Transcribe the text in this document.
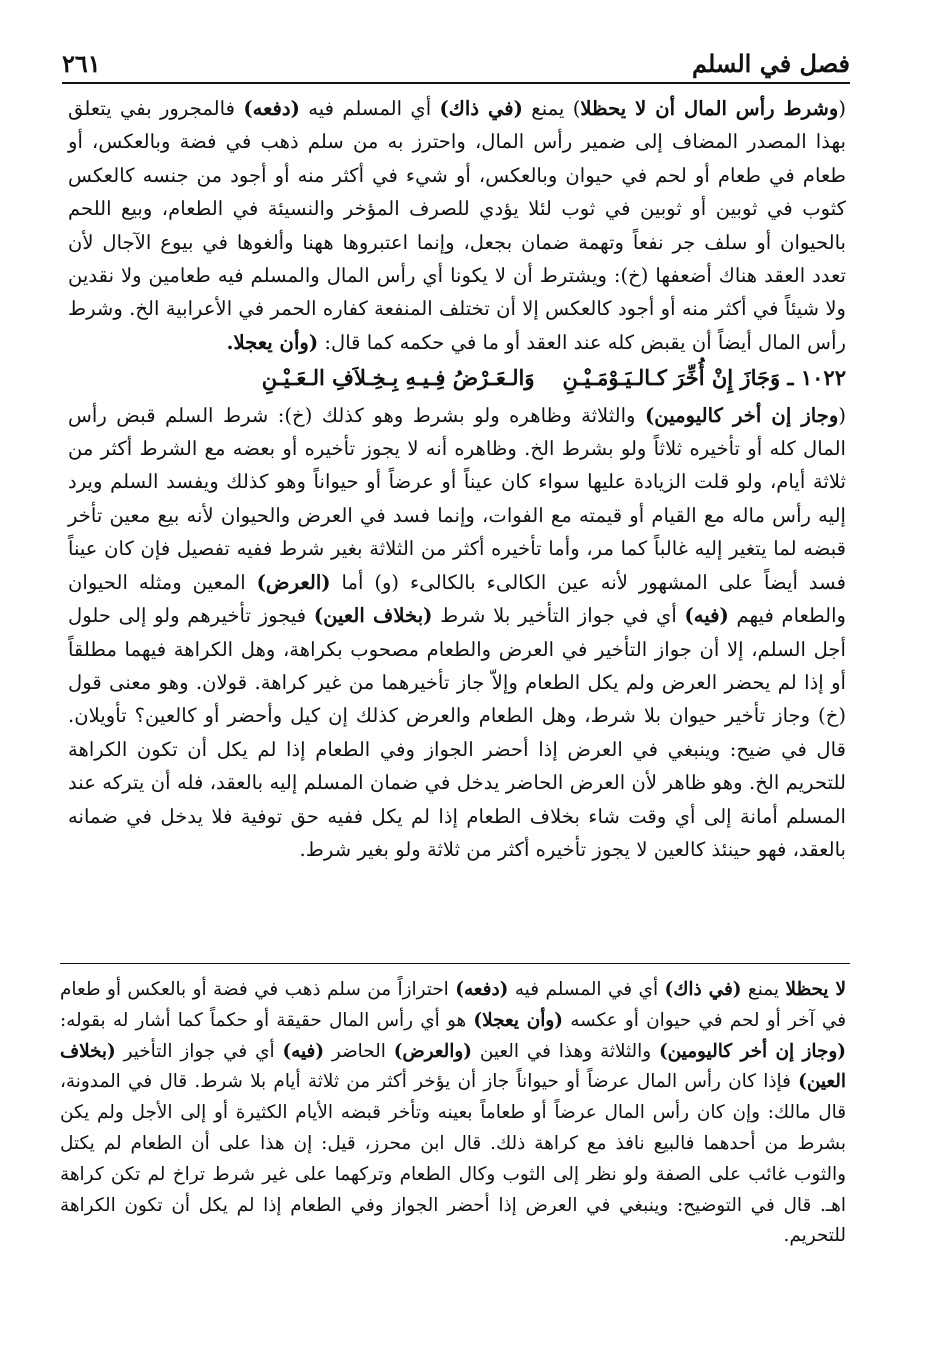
فصل في السلم
٢٦١

(وشرط رأس المال أن لا يحظلا) يمنع (في ذاك) أي المسلم فيه (دفعه) فالمجرور بفي يتعلق بهذا المصدر المضاف إلى ضمير رأس المال، واحترز به من سلم ذهب في فضة وبالعكس، أو طعام في طعام أو لحم في حيوان وبالعكس، أو شيء في أكثر منه أو أجود من جنسه كالعكس كثوب في ثوبين أو ثوبين في ثوب لئلا يؤدي للصرف المؤخر والنسيئة في الطعام، وبيع اللحم بالحيوان أو سلف جر نفعاً وتهمة ضمان بجعل، وإنما اعتبروها ههنا وألغوها في بيوع الآجال لأن تعدد العقد هناك أضعفها (خ): ويشترط أن لا يكونا أي رأس المال والمسلم فيه طعامين ولا نقدين ولا شيئاً في أكثر منه أو أجود كالعكس إلا أن تختلف المنفعة كفاره الحمر في الأعرابية الخ. وشرط رأس المال أيضاً أن يقبض كله عند العقد أو ما في حكمه كما قال: (وأن يعجلا.

١٠٢٢ ـ وَجَازَ إِنْ أُخِّرَ كـالـيَـوْمَـيْـنِ
وَالـعَـرْضُ فِـيـهِ بِـخِـلاَفِ الـعَـيْـنِ

(وجاز إن أخر كاليومين) والثلاثة وظاهره ولو بشرط وهو كذلك (خ): شرط السلم قبض رأس المال كله أو تأخيره ثلاثاً ولو بشرط الخ. وظاهره أنه لا يجوز تأخيره أو بعضه مع الشرط أكثر من ثلاثة أيام، ولو قلت الزيادة عليها سواء كان عيناً أو عرضاً أو حيواناً وهو كذلك ويفسد السلم ويرد إليه رأس ماله مع القيام أو قيمته مع الفوات، وإنما فسد في العرض والحيوان لأنه بيع معين تأخر قبضه لما يتغير إليه غالباً كما مر، وأما تأخيره أكثر من الثلاثة بغير شرط ففيه تفصيل فإن كان عيناً فسد أيضاً على المشهور لأنه عين الكالىء بالكالىء (و) أما (العرض) المعين ومثله الحيوان والطعام فيهم (فيه) أي في جواز التأخير بلا شرط (بخلاف العين) فيجوز تأخيرهم ولو إلى حلول أجل السلم، إلا أن جواز التأخير في العرض والطعام مصحوب بكراهة، وهل الكراهة فيهما مطلقاً أو إذا لم يحضر العرض ولم يكل الطعام وإلاّ جاز تأخيرهما من غير كراهة. قولان. وهو معنى قول (خ) وجاز تأخير حيوان بلا شرط، وهل الطعام والعرض كذلك إن كيل وأحضر أو كالعين؟ تأويلان. قال في ضيح: وينبغي في العرض إذا أحضر الجواز وفي الطعام إذا لم يكل أن تكون الكراهة للتحريم الخ. وهو ظاهر لأن العرض الحاضر يدخل في ضمان المسلم إليه بالعقد، فله أن يتركه عند المسلم أمانة إلى أي وقت شاء بخلاف الطعام إذا لم يكل ففيه حق توفية فلا يدخل في ضمانه بالعقد، فهو حينئذ كالعين لا يجوز تأخيره أكثر من ثلاثة ولو بغير شرط.

لا يحظلا يمنع (في ذاك) أي في المسلم فيه (دفعه) احترازاً من سلم ذهب في فضة أو بالعكس أو طعام في آخر أو لحم في حيوان أو عكسه (وأن يعجلا) هو أي رأس المال حقيقة أو حكماً كما أشار له بقوله: (وجاز إن أخر كاليومين) والثلاثة وهذا في العين (والعرض) الحاضر (فيه) أي في جواز التأخير (بخلاف العين) فإذا كان رأس المال عرضاً أو حيواناً جاز أن يؤخر أكثر من ثلاثة أيام بلا شرط. قال في المدونة، قال مالك: وإن كان رأس المال عرضاً أو طعاماً بعينه وتأخر قبضه الأيام الكثيرة أو إلى الأجل ولم يكن بشرط من أحدهما فالبيع نافذ مع كراهة ذلك. قال ابن محرز، قيل: إن هذا على أن الطعام لم يكتل والثوب غائب على الصفة ولو نظر إلى الثوب وكال الطعام وتركهما على غير شرط تراخ لم تكن كراهة اهـ. قال في التوضيح: وينبغي في العرض إذا أحضر الجواز وفي الطعام إذا لم يكل أن تكون الكراهة للتحريم.
